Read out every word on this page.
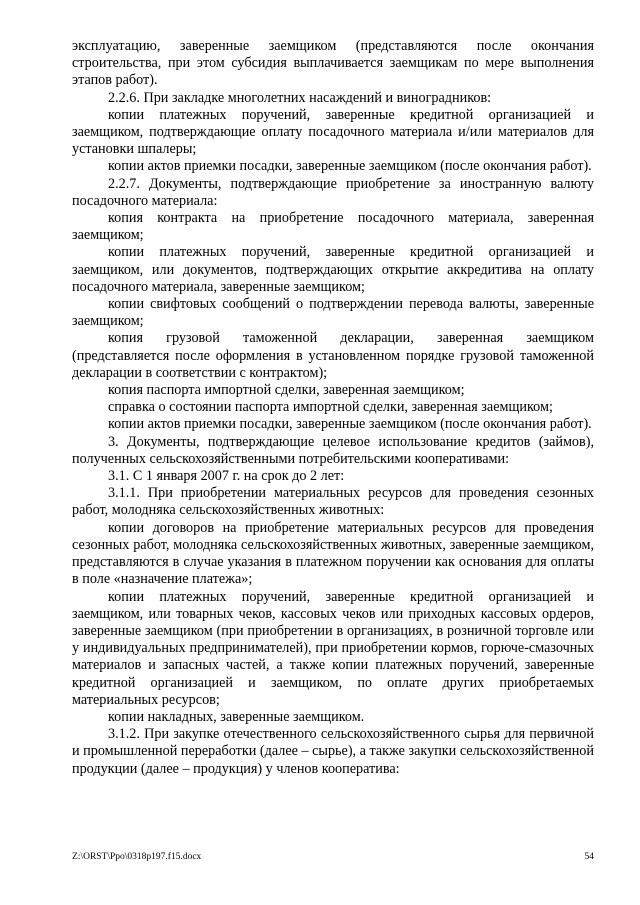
эксплуатацию, заверенные заемщиком (представляются после окончания строительства, при этом субсидия выплачивается заемщикам по мере выполнения этапов работ).

2.2.6. При закладке многолетних насаждений и виноградников:

копии платежных поручений, заверенные кредитной организацией и заемщиком, подтверждающие оплату посадочного материала и/или материалов для установки шпалеры;

копии актов приемки посадки, заверенные заемщиком (после окончания работ).

2.2.7. Документы, подтверждающие приобретение за иностранную валюту посадочного материала:

копия контракта на приобретение посадочного материала, заверенная заемщиком;

копии платежных поручений, заверенные кредитной организацией и заемщиком, или документов, подтверждающих открытие аккредитива на оплату посадочного материала, заверенные заемщиком;

копии свифтовых сообщений о подтверждении перевода валюты, заверенные заемщиком;

копия грузовой таможенной декларации, заверенная заемщиком (представляется после оформления в установленном порядке грузовой таможенной декларации в соответствии с контрактом);

копия паспорта импортной сделки, заверенная заемщиком;

справка о состоянии паспорта импортной сделки, заверенная заемщиком;

копии актов приемки посадки, заверенные заемщиком (после окончания работ).

3. Документы, подтверждающие целевое использование кредитов (займов), полученных сельскохозяйственными потребительскими кооперативами:

3.1. С 1 января 2007 г. на срок до 2 лет:

3.1.1. При приобретении материальных ресурсов для проведения сезонных работ, молодняка сельскохозяйственных животных:

копии договоров на приобретение материальных ресурсов для проведения сезонных работ, молодняка сельскохозяйственных животных, заверенные заемщиком, представляются в случае указания в платежном поручении как основания для оплаты в поле «назначение платежа»;

копии платежных поручений, заверенные кредитной организацией и заемщиком, или товарных чеков, кассовых чеков или приходных кассовых ордеров, заверенные заемщиком (при приобретении в организациях, в розничной торговле или у индивидуальных предпринимателей), при приобретении кормов, горюче-смазочных материалов и запасных частей, а также копии платежных поручений, заверенные кредитной организацией и заемщиком, по оплате других приобретаемых материальных ресурсов;

копии накладных, заверенные заемщиком.

3.1.2. При закупке отечественного сельскохозяйственного сырья для первичной и промышленной переработки (далее – сырье), а также закупки сельскохозяйственной продукции (далее – продукция) у членов кооператива:

Z:\ORST\Ppo\0318p197.f15.docx	54
